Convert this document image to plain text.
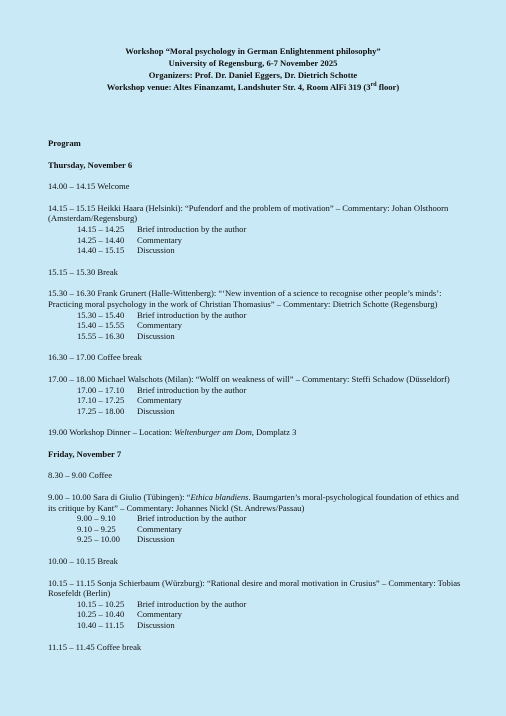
Workshop “Moral psychology in German Enlightenment philosophy”
University of Regensburg, 6-7 November 2025
Organizers: Prof. Dr. Daniel Eggers, Dr. Dietrich Schotte
Workshop venue: Altes Finanzamt, Landshuter Str. 4, Room AlFi 319 (3rd floor)
Program
Thursday, November 6
14.00 – 14.15 Welcome
14.15 – 15.15 Heikki Haara (Helsinki): “Pufendorf and the problem of motivation” – Commentary: Johan Olsthoorn (Amsterdam/Regensburg)
14.15 – 14.25	Brief introduction by the author
14.25 – 14.40	Commentary
14.40 – 15.15	Discussion
15.15 – 15.30 Break
15.30 – 16.30 Frank Grunert (Halle-Wittenberg): “‘New invention of a science to recognise other people’s minds’: Practicing moral psychology in the work of Christian Thomasius” – Commentary: Dietrich Schotte (Regensburg)
15.30 – 15.40	Brief introduction by the author
15.40 – 15.55	Commentary
15.55 – 16.30	Discussion
16.30 – 17.00 Coffee break
17.00 – 18.00 Michael Walschots (Milan): “Wolff on weakness of will” – Commentary: Steffi Schadow (Düsseldorf)
17.00 – 17.10	Brief introduction by the author
17.10 – 17.25	Commentary
17.25 – 18.00	Discussion
19.00 Workshop Dinner – Location: Weltenburger am Dom, Domplatz 3
Friday, November 7
8.30 – 9.00 Coffee
9.00 – 10.00 Sara di Giulio (Tübingen): “Ethica blandiens. Baumgarten’s moral-psychological foundation of ethics and its critique by Kant” – Commentary: Johannes Nickl (St. Andrews/Passau)
9.00 – 9.10	Brief introduction by the author
9.10 – 9.25	Commentary
9.25 – 10.00	Discussion
10.00 – 10.15 Break
10.15 – 11.15 Sonja Schierbaum (Würzburg): “Rational desire and moral motivation in Crusius” – Commentary: Tobias Rosefeldt (Berlin)
10.15 – 10.25	Brief introduction by the author
10.25 – 10.40	Commentary
10.40 – 11.15	Discussion
11.15 – 11.45 Coffee break
